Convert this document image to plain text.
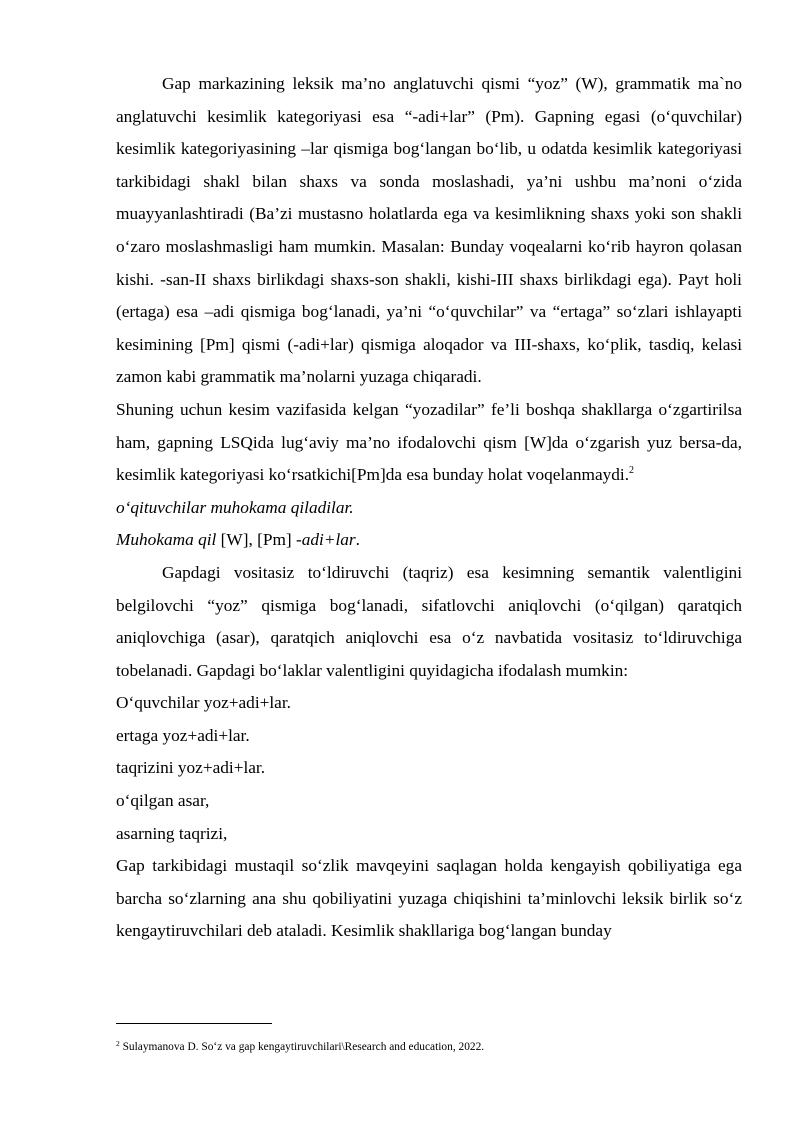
Gap markazining leksik ma’no anglatuvchi qismi “yoz” (W), grammatik ma`no anglatuvchi kesimlik kategoriyasi esa “-adi+lar” (Pm). Gapning egasi (o‘quvchilar) kesimlik kategoriyasining –lar qismiga bog‘langan bo‘lib, u odatda kesimlik kategoriyasi tarkibidagi shakl bilan shaxs va sonda moslashadi, ya’ni ushbu ma’noni o‘zida muayyanlashtiradi (Ba’zi mustasno holatlarda ega va kesimlikning shaxs yoki son shakli o‘zaro moslashmasligi ham mumkin. Masalan: Bunday voqealarni ko‘rib hayron qolasan kishi. -san-II shaxs birlikdagi shaxs-son shakli, kishi-III shaxs birlikdagi ega). Payt holi (ertaga) esa –adi qismiga bog‘lanadi, ya’ni “o‘quvchilar” va “ertaga” so‘zlari ishlayapti kesimining [Pm] qismi (-adi+lar) qismiga aloqador va III-shaxs, ko‘plik, tasdiq, kelasi zamon kabi grammatik ma’nolarni yuzaga chiqaradi.

Shuning uchun kesim vazifasida kelgan “yozadilar” fe’li boshqa shakllarga o‘zgartirilsa ham, gapning LSQida lug‘aviy ma’no ifodalovchi qism [W]da o‘zgarish yuz bersa-da, kesimlik kategoriyasi ko‘rsatkichi[Pm]da esa bunday holat voqelanmaydi.$^2$

o‘qituvchilar muhokama qiladilar.

Muhokama qil [W], [Pm] -adi+lar.

Gapdagi vositasiz to‘ldiruvchi (taqriz) esa kesimning semantik valentligini belgilovchi “yoz” qismiga bog‘lanadi, sifatlovchi aniqlovchi (o‘qilgan) qaratqich aniqlovchiga (asar), qaratqich aniqlovchi esa o‘z navbatida vositasiz to‘ldiruvchiga tobelanadi. Gapdagi bo‘laklar valentligini quyidagicha ifodalash mumkin:

O‘quvchilar yoz+adi+lar.

ertaga yoz+adi+lar.

taqrizini yoz+adi+lar.

o‘qilgan asar,

asarning taqrizi,

Gap tarkibidagi mustaqil so‘zlik mavqeyini saqlagan holda kengayish qobiliyatiga ega barcha so‘zlarning ana shu qobiliyatini yuzaga chiqishini ta’minlovchi leksik birlik so‘z kengaytiruvchilari deb ataladi. Kesimlik shakllariga bog‘langan bunday

$^2$ Sulaymanova D. So‘z va gap kengaytiruvchilari\Research and education, 2022.
